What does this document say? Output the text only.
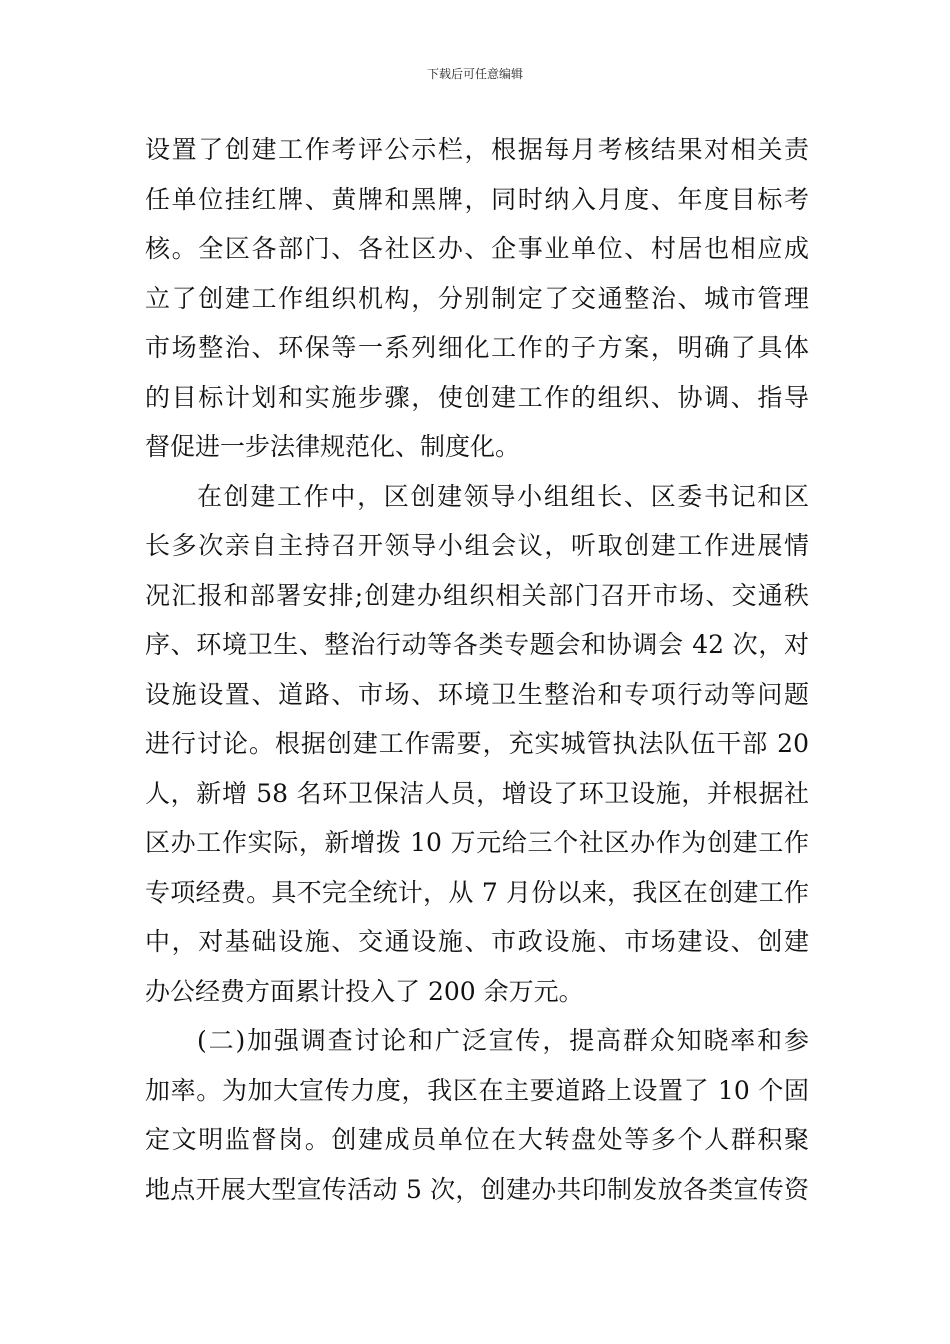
下载后可任意编辑
设置了创建工作考评公示栏，根据每月考核结果对相关责
任单位挂红牌、黄牌和黑牌，同时纳入月度、年度目标考
核。全区各部门、各社区办、企事业单位、村居也相应成
立了创建工作组织机构，分别制定了交通整治、城市管理
市场整治、环保等一系列细化工作的子方案，明确了具体
的目标计划和实施步骤，使创建工作的组织、协调、指导
督促进一步法律规范化、制度化。
在创建工作中，区创建领导小组组长、区委书记和区
长多次亲自主持召开领导小组会议，听取创建工作进展情
况汇报和部署安排;创建办组织相关部门召开市场、交通秩
序、环境卫生、整治行动等各类专题会和协调会 42 次，对
设施设置、道路、市场、环境卫生整治和专项行动等问题
进行讨论。根据创建工作需要，充实城管执法队伍干部 20
人，新增 58 名环卫保洁人员，增设了环卫设施，并根据社
区办工作实际，新增拨 10 万元给三个社区办作为创建工作
专项经费。具不完全统计，从 7 月份以来，我区在创建工作
中，对基础设施、交通设施、市政设施、市场建设、创建
办公经费方面累计投入了 200 余万元。
(二)加强调查讨论和广泛宣传，提高群众知晓率和参
加率。为加大宣传力度，我区在主要道路上设置了 10 个固
定文明监督岗。创建成员单位在大转盘处等多个人群积聚
地点开展大型宣传活动 5 次，创建办共印制发放各类宣传资
